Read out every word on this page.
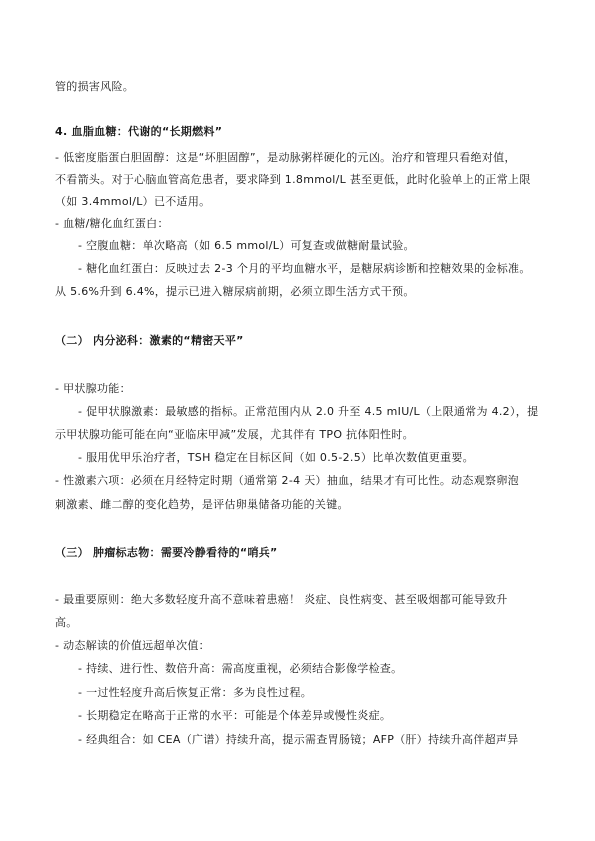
管的损害风险。
4. 血脂血糖：代谢的“长期燃料”
- 低密度脂蛋白胆固醇：这是“坏胆固醇”，是动脉粥样硬化的元凶。治疗和管理只看绝对值，
不看箭头。对于心脑血管高危患者，要求降到 1.8mmol/L 甚至更低，此时化验单上的正常上限
（如 3.4mmol/L）已不适用。
- 血糖/糖化血红蛋白：
- 空腹血糖：单次略高（如 6.5 mmol/L）可复查或做糖耐量试验。
- 糖化血红蛋白：反映过去 2-3 个月的平均血糖水平，是糖尿病诊断和控糖效果的金标准。
从 5.6%升到 6.4%，提示已进入糖尿病前期，必须立即生活方式干预。
（二） 内分泌科：激素的“精密天平”
- 甲状腺功能：
- 促甲状腺激素：最敏感的指标。正常范围内从 2.0 升至 4.5 mIU/L（上限通常为 4.2），提
示甲状腺功能可能在向“亚临床甲减”发展，尤其伴有 TPO 抗体阳性时。
- 服用优甲乐治疗者，TSH 稳定在目标区间（如 0.5-2.5）比单次数值更重要。
- 性激素六项：必须在月经特定时期（通常第 2-4 天）抽血，结果才有可比性。动态观察卵泡
刺激素、雌二醇的变化趋势，是评估卵巢储备功能的关键。
（三） 肿瘤标志物：需要冷静看待的“哨兵”
- 最重要原则：绝大多数轻度升高不意味着患癌！ 炎症、良性病变、甚至吸烟都可能导致升
高。
- 动态解读的价值远超单次值：
- 持续、进行性、数倍升高：需高度重视，必须结合影像学检查。
- 一过性轻度升高后恢复正常：多为良性过程。
- 长期稳定在略高于正常的水平：可能是个体差异或慢性炎症。
- 经典组合：如 CEA（广谱）持续升高，提示需查胃肠镜；AFP（肝）持续升高伴超声异
